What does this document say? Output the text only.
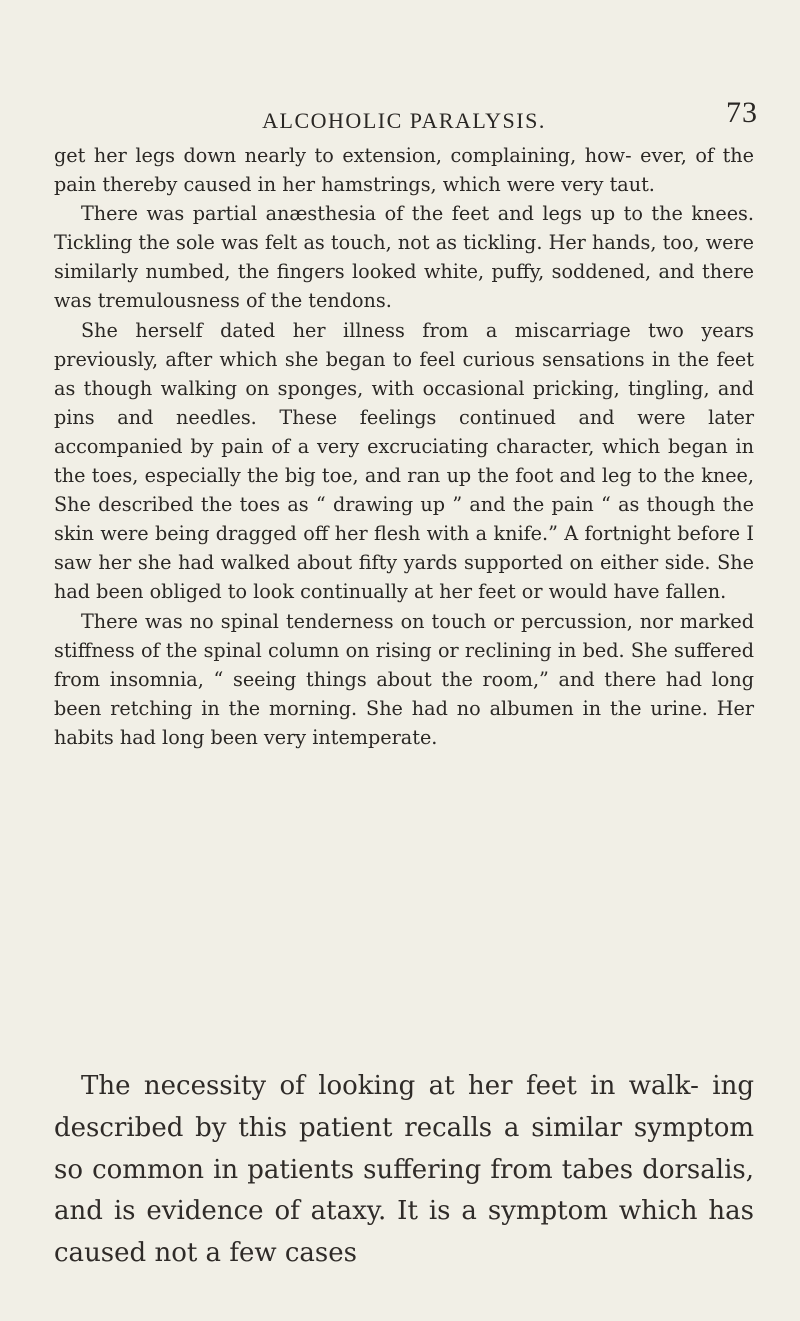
ALCOHOLIC PARALYSIS.	73

get her legs down nearly to extension, complaining, how- ever, of the pain thereby caused in her hamstrings, which were very taut.

There was partial anæsthesia of the feet and legs up to the knees. Tickling the sole was felt as touch, not as tickling. Her hands, too, were similarly numbed, the fingers looked white, puffy, soddened, and there was tremulousness of the tendons.

She herself dated her illness from a miscarriage two years previously, after which she began to feel curious sensations in the feet as though walking on sponges, with occasional pricking, tingling, and pins and needles. These feelings continued and were later accompanied by pain of a very excruciating character, which began in the toes, especially the big toe, and ran up the foot and leg to the knee, She described the toes as “ drawing up ” and the pain “ as though the skin were being dragged off her flesh with a knife.” A fortnight before I saw her she had walked about fifty yards supported on either side. She had been obliged to look continually at her feet or would have fallen.

There was no spinal tenderness on touch or percussion, nor marked stiffness of the spinal column on rising or reclining in bed. She suffered from insomnia, “ seeing things about the room,” and there had long been retching in the morning. She had no albumen in the urine. Her habits had long been very intemperate.

The necessity of looking at her feet in walk- ing described by this patient recalls a similar symptom so common in patients suffering from tabes dorsalis, and is evidence of ataxy. It is a symptom which has caused not a few cases
